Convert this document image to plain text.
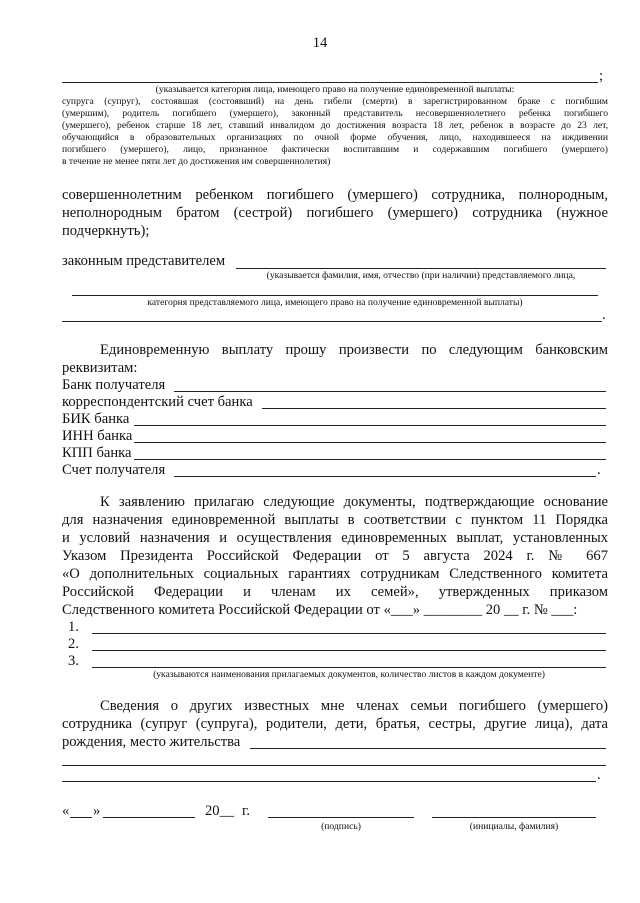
14
;
(указывается категория лица, имеющего право на получение единовременной выплаты:
супруга (супруг), состоявшая (состоявший) на день гибели (смерти) в зарегистрированном браке с погибшим
(умершим), родитель погибшего (умершего), законный представитель несовершеннолетнего ребенка погибшего
(умершего), ребенок старше 18 лет, ставший инвалидом до достижения возраста 18 лет, ребенок в возрасте до 23 лет,
обучающийся в образовательных организациях по очной форме обучения, лицо, находившееся на иждивении
погибшего (умершего), лицо, признанное фактически воспитавшим и содержавшим погибшего (умершего)
в течение не менее пяти лет до достижения им совершеннолетия)
совершеннолетним ребенком погибшего (умершего) сотрудника, полнородным,
неполнородным братом (сестрой) погибшего (умершего) сотрудника (нужное
подчеркнуть);
законным представителем
(указывается фамилия, имя, отчество (при наличии) представляемого лица,
категория представляемого лица, имеющего право на получение единовременной выплаты)
.
Единовременную выплату прошу произвести по следующим банковским
реквизитам:
Банк получателя
корреспондентский счет банка
БИК банка
ИНН банка
КПП банка
Счет получателя	.
К заявлению прилагаю следующие документы, подтверждающие основание
для назначения единовременной выплаты в соответствии с пунктом 11 Порядка
и условий назначения и осуществления единовременных выплат, установленных
Указом Президента Российской Федерации от 5 августа 2024 г. № 667
«О дополнительных социальных гарантиях сотрудникам Следственного комитета
Российской Федерации и членам их семей», утвержденных приказом
Следственного комитета Российской Федерации от «___» ________ 20 __ г. № ___:
1.
2.
3.
(указываются наименования прилагаемых документов, количество листов в каждом документе)
Сведения о других известных мне членах семьи погибшего (умершего)
сотрудника (супруг (супруга), родители, дети, братья, сестры, другие лица), дата
рождения, место жительства
.
« »	20__ г.
(подпись)	(инициалы, фамилия)
